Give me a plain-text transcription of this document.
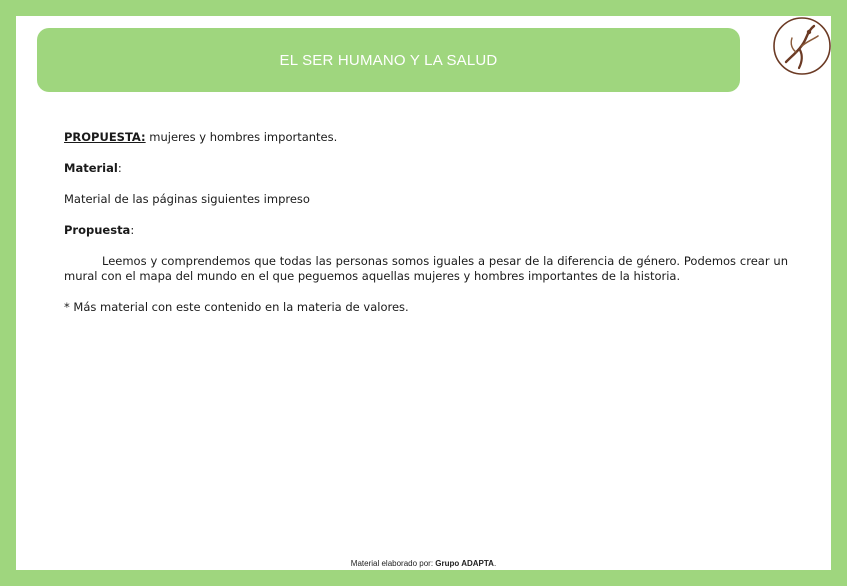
EL SER HUMANO Y LA SALUD

PROPUESTA: mujeres y hombres importantes.

Material:

Material de las páginas siguientes impreso

Propuesta:

Leemos y comprendemos que todas las personas somos iguales a pesar de la diferencia de género. Podemos crear un mural con el mapa del mundo en el que peguemos aquellas mujeres y hombres importantes de la historia.

* Más material con este contenido en la materia de valores.

Material elaborado por: Grupo ADAPTA.
